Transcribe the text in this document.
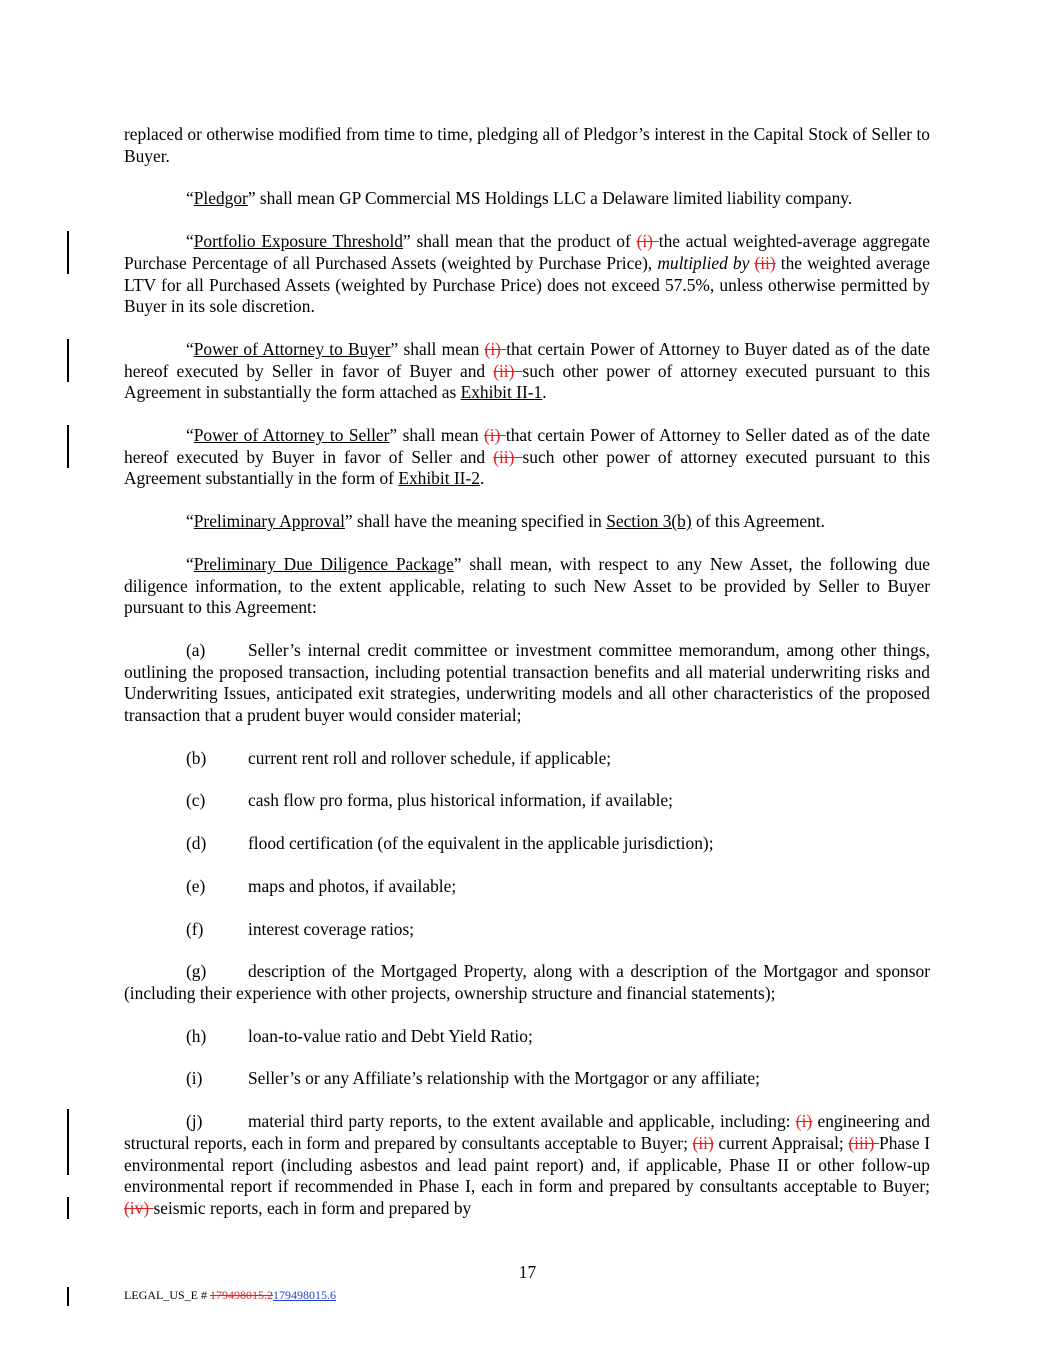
replaced or otherwise modified from time to time, pledging all of Pledgor’s interest in the Capital Stock of Seller to Buyer.

“Pledgor” shall mean GP Commercial MS Holdings LLC a Delaware limited liability company.

“Portfolio Exposure Threshold” shall mean that the product of (i) the actual weighted-average aggregate Purchase Percentage of all Purchased Assets (weighted by Purchase Price), multiplied by (ii) the weighted average LTV for all Purchased Assets (weighted by Purchase Price) does not exceed 57.5%, unless otherwise permitted by Buyer in its sole discretion.

“Power of Attorney to Buyer” shall mean (i) that certain Power of Attorney to Buyer dated as of the date hereof executed by Seller in favor of Buyer and (ii) such other power of attorney executed pursuant to this Agreement in substantially the form attached as Exhibit II-1.

“Power of Attorney to Seller” shall mean (i) that certain Power of Attorney to Seller dated as of the date hereof executed by Buyer in favor of Seller and (ii) such other power of attorney executed pursuant to this Agreement substantially in the form of Exhibit II-2.

“Preliminary Approval” shall have the meaning specified in Section 3(b) of this Agreement.

“Preliminary Due Diligence Package” shall mean, with respect to any New Asset, the following due diligence information, to the extent applicable, relating to such New Asset to be provided by Seller to Buyer pursuant to this Agreement:

(a) Seller’s internal credit committee or investment committee memorandum, among other things, outlining the proposed transaction, including potential transaction benefits and all material underwriting risks and Underwriting Issues, anticipated exit strategies, underwriting models and all other characteristics of the proposed transaction that a prudent buyer would consider material;

(b) current rent roll and rollover schedule, if applicable;

(c) cash flow pro forma, plus historical information, if available;

(d) flood certification (of the equivalent in the applicable jurisdiction);

(e) maps and photos, if available;

(f)	interest coverage ratios;

(g) description of the Mortgaged Property, along with a description of the Mortgagor and sponsor (including their experience with other projects, ownership structure and financial statements);

(h) loan-to-value ratio and Debt Yield Ratio;

(i)	Seller’s or any Affiliate’s relationship with the Mortgagor or any affiliate;

(j)	material third party reports, to the extent available and applicable, including: (i) engineering and structural reports, each in form and prepared by consultants acceptable to Buyer; (ii) current Appraisal; (iii) Phase I environmental report (including asbestos and lead paint report) and, if applicable, Phase II or other follow-up environmental report if recommended in Phase I, each in form and prepared by consultants acceptable to Buyer; (iv) seismic reports, each in form and prepared by

17
LEGAL_US_E # 179498015.2179498015.6
